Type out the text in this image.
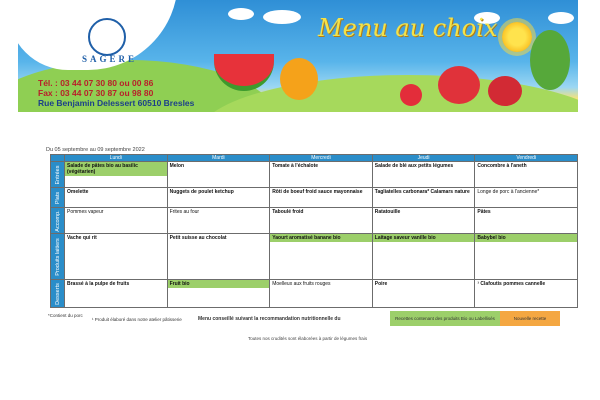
SAGERE
Menu au choix
Tél. : 03 44 07 30 80 ou 00 86
Fax : 03 44 07 30 87 ou 98 80
Rue Benjamin Delessert 60510 Bresles
Du 05 septembre au 09 septembre 2022
	Lundi	Mardi	Mercredi	Jeudi	Vendredi

Entrées	Salade de pâtes bio au basilic (végétarien)	Melon	Tomate à l'échalote	Salade de blé aux petits légumes	Concombre à l'aneth

Plats	Omelette	Nuggets de poulet ketchup	Rôti de boeuf froid sauce mayonnaise	Tagliatelles carbonara* Calamars nature	Longe de porc à l'ancienne*

Accomp.	Pommes vapeur	Frites au four	Taboulé froid	Ratatouille	Pâtes

Produits laitiers	Vache qui rit	Petit suisse au chocolat	Yaourt aromatisé banane bio	Laitage saveur vanille bio	Babybel bio

Desserts	Brassé à la pulpe de fruits	Fruit bio	Moelleux aux fruits rouges	Poire	¹ Clafoutis pommes cannelle
*Contient du porc
¹ Produit élaboré dans notre atelier pâtisserie	Menu conseillé suivant la recommandation nutritionnelle du	Recettes contenant des produits Bio ou Labellisés	Nouvelle recette
Toutes nos crudités sont élaborées à partir de légumes frais
